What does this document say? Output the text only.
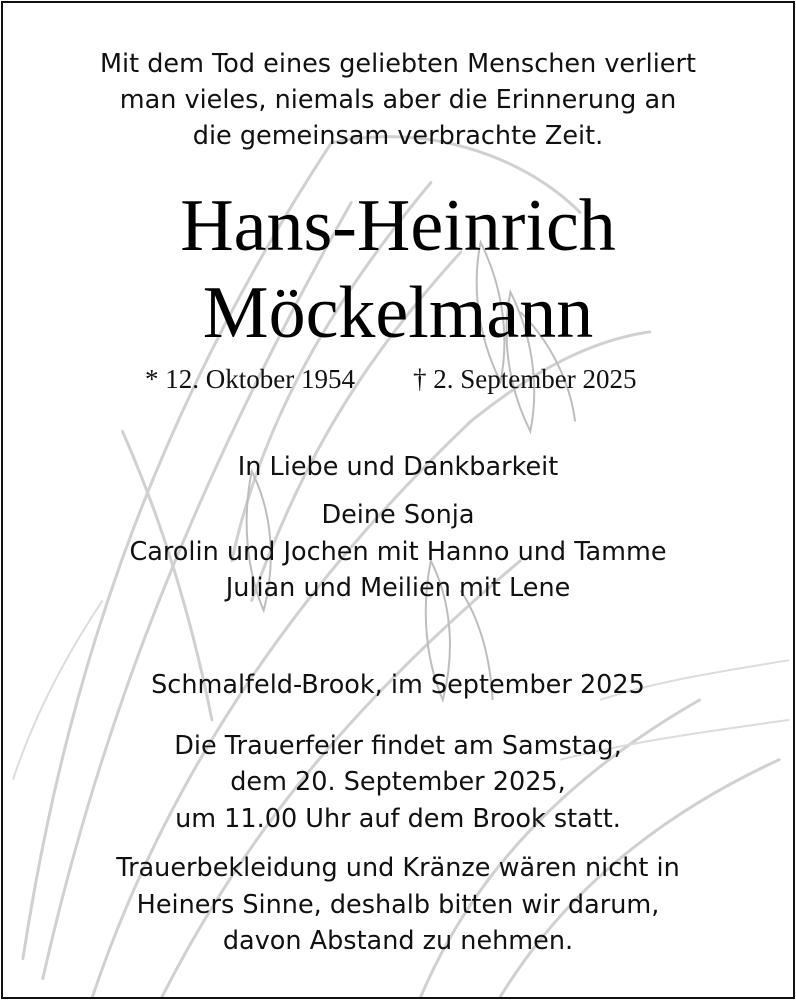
Mit dem Tod eines geliebten Menschen verliert
man vieles, niemals aber die Erinnerung an
die gemeinsam verbrachte Zeit.
Hans-Heinrich
Möckelmann
* 12. Oktober 1954 † 2. September 2025
In Liebe und Dankbarkeit
Deine Sonja
Carolin und Jochen mit Hanno und Tamme
Julian und Meilien mit Lene
Schmalfeld-Brook, im September 2025
Die Trauerfeier findet am Samstag,
dem 20. September 2025,
um 11.00 Uhr auf dem Brook statt.
Trauerbekleidung und Kränze wären nicht in
Heiners Sinne, deshalb bitten wir darum,
davon Abstand zu nehmen.
